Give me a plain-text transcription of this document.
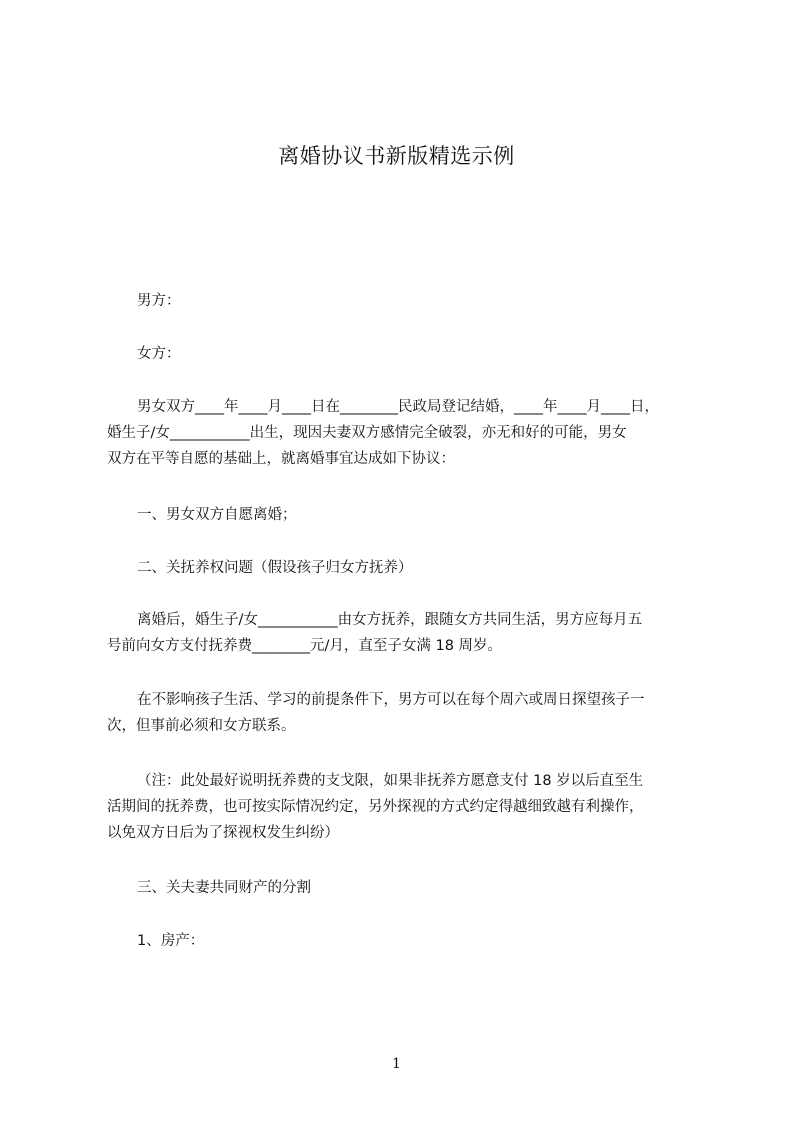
离婚协议书新版精选示例

男方：

女方：

男女双方____年____月____日在________民政局登记结婚，____年____月____日，
婚生子/女___________出生，现因夫妻双方感情完全破裂，亦无和好的可能，男女
双方在平等自愿的基础上，就离婚事宜达成如下协议：

一、男女双方自愿离婚；

二、关抚养权问题（假设孩子归女方抚养）

离婚后，婚生子/女___________由女方抚养，跟随女方共同生活，男方应每月五
号前向女方支付抚养费________元/月，直至子女满 18 周岁。

在不影响孩子生活、学习的前提条件下，男方可以在每个周六或周日探望孩子一
次，但事前必须和女方联系。

（注：此处最好说明抚养费的支戈限，如果非抚养方愿意支付 18 岁以后直至生
活期间的抚养费，也可按实际情况约定，另外探视的方式约定得越细致越有利操作，
以免双方日后为了探视权发生纠纷）

三、关夫妻共同财产的分割

1、房产：

1
